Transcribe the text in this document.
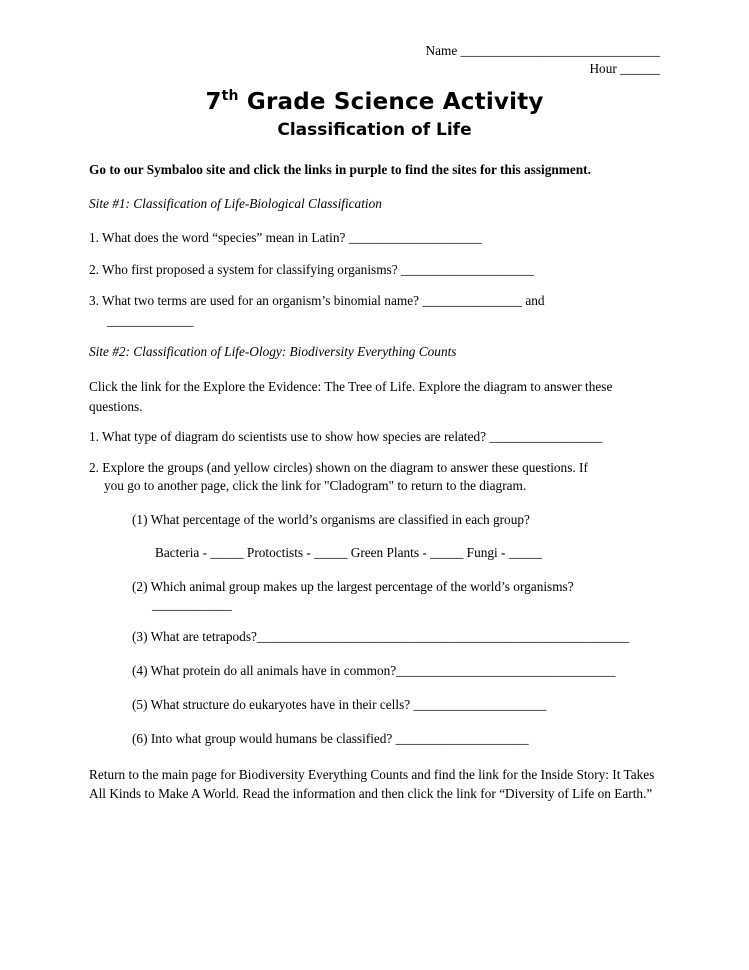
Name ______________________________
Hour ______
7th Grade Science Activity
Classification of Life
Go to our Symbaloo site and click the links in purple to find the sites for this assignment.
Site #1: Classification of Life-Biological Classification
1. What does the word “species” mean in Latin? ____________________
2. Who first proposed a system for classifying organisms? ____________________
3. What two terms are used for an organism’s binomial name? _______________ and
_____________
Site #2: Classification of Life-Ology: Biodiversity Everything Counts
Click the link for the Explore the Evidence: The Tree of Life. Explore the diagram to answer these questions.
1. What type of diagram do scientists use to show how species are related? _________________
2. Explore the groups (and yellow circles) shown on the diagram to answer these questions. If
you go to another page, click the link for "Cladogram" to return to the diagram.
(1) What percentage of the world’s organisms are classified in each group?
Bacteria - _____ Protoctists - _____ Green Plants - _____ Fungi - _____
(2) Which animal group makes up the largest percentage of the world’s organisms?
____________
(3) What are tetrapods?________________________________________________________
(4) What protein do all animals have in common?_________________________________
(5) What structure do eukaryotes have in their cells? ____________________
(6) Into what group would humans be classified? ____________________
Return to the main page for Biodiversity Everything Counts and find the link for the Inside Story: It Takes All Kinds to Make A World. Read the information and then click the link for “Diversity of Life on Earth.”
